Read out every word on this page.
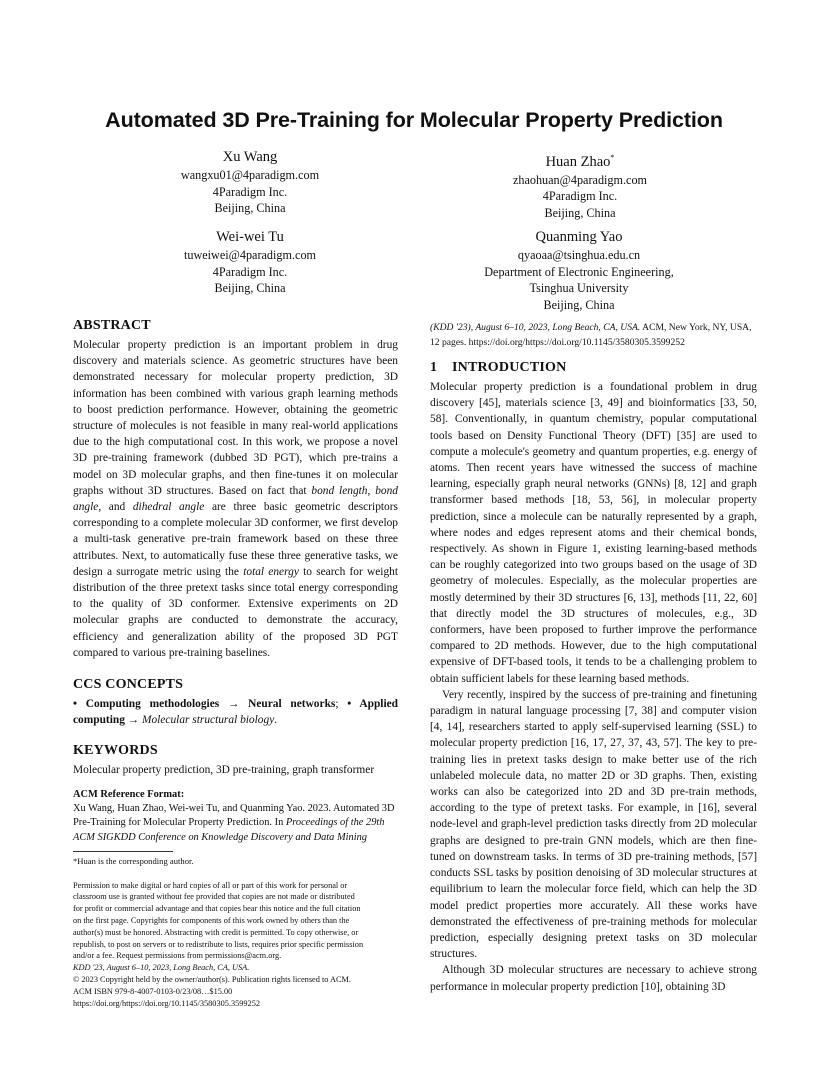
Automated 3D Pre-Training for Molecular Property Prediction
Xu Wang
wangxu01@4paradigm.com
4Paradigm Inc.
Beijing, China
Huan Zhao*
zhaohuan@4paradigm.com
4Paradigm Inc.
Beijing, China
Wei-wei Tu
tuweiwei@4paradigm.com
4Paradigm Inc.
Beijing, China
Quanming Yao
qyaoaa@tsinghua.edu.cn
Department of Electronic Engineering,
Tsinghua University
Beijing, China
ABSTRACT

Molecular property prediction is an important problem in drug discovery and materials science. As geometric structures have been demonstrated necessary for molecular property prediction, 3D information has been combined with various graph learning methods to boost prediction performance. However, obtaining the geometric structure of molecules is not feasible in many real-world applications due to the high computational cost. In this work, we propose a novel 3D pre-training framework (dubbed 3D PGT), which pre-trains a model on 3D molecular graphs, and then fine-tunes it on molecular graphs without 3D structures. Based on fact that bond length, bond angle, and dihedral angle are three basic geometric descriptors corresponding to a complete molecular 3D conformer, we first develop a multi-task generative pre-train framework based on these three attributes. Next, to automatically fuse these three generative tasks, we design a surrogate metric using the total energy to search for weight distribution of the three pretext tasks since total energy corresponding to the quality of 3D conformer. Extensive experiments on 2D molecular graphs are conducted to demonstrate the accuracy, efficiency and generalization ability of the proposed 3D PGT compared to various pre-training baselines.

CCS CONCEPTS

• Computing methodologies → Neural networks; • Applied computing → Molecular structural biology.

KEYWORDS

Molecular property prediction, 3D pre-training, graph transformer

ACM Reference Format:
Xu Wang, Huan Zhao, Wei-wei Tu, and Quanming Yao. 2023. Automated 3D Pre-Training for Molecular Property Prediction. In Proceedings of the 29th ACM SIGKDD Conference on Knowledge Discovery and Data Mining
*Huan is the corresponding author.
Permission to make digital or hard copies of all or part of this work for personal or
classroom use is granted without fee provided that copies are not made or distributed
for profit or commercial advantage and that copies bear this notice and the full citation
on the first page. Copyrights for components of this work owned by others than the
author(s) must be honored. Abstracting with credit is permitted. To copy otherwise, or
republish, to post on servers or to redistribute to lists, requires prior specific permission
and/or a fee. Request permissions from permissions@acm.org.
KDD '23, August 6–10, 2023, Long Beach, CA, USA.
© 2023 Copyright held by the owner/author(s). Publication rights licensed to ACM.
ACM ISBN 979-8-4007-0103-0/23/08…$15.00
https://doi.org/https://doi.org/10.1145/3580305.3599252

(KDD '23), August 6–10, 2023, Long Beach, CA, USA. ACM, New York, NY, USA, 12 pages. https://doi.org/https://doi.org/10.1145/3580305.3599252

1 INTRODUCTION

Molecular property prediction is a foundational problem in drug discovery [45], materials science [3, 49] and bioinformatics [33, 50, 58]. Conventionally, in quantum chemistry, popular computational tools based on Density Functional Theory (DFT) [35] are used to compute a molecule's geometry and quantum properties, e.g. energy of atoms. Then recent years have witnessed the success of machine learning, especially graph neural networks (GNNs) [8, 12] and graph transformer based methods [18, 53, 56], in molecular property prediction, since a molecule can be naturally represented by a graph, where nodes and edges represent atoms and their chemical bonds, respectively. As shown in Figure 1, existing learning-based methods can be roughly categorized into two groups based on the usage of 3D geometry of molecules. Especially, as the molecular properties are mostly determined by their 3D structures [6, 13], methods [11, 22, 60] that directly model the 3D structures of molecules, e.g., 3D conformers, have been proposed to further improve the performance compared to 2D methods. However, due to the high computational expensive of DFT-based tools, it tends to be a challenging problem to obtain sufficient labels for these learning based methods.

Very recently, inspired by the success of pre-training and finetuning paradigm in natural language processing [7, 38] and computer vision [4, 14], researchers started to apply self-supervised learning (SSL) to molecular property prediction [16, 17, 27, 37, 43, 57]. The key to pre-training lies in pretext tasks design to make better use of the rich unlabeled molecule data, no matter 2D or 3D graphs. Then, existing works can also be categorized into 2D and 3D pre-train methods, according to the type of pretext tasks. For example, in [16], several node-level and graph-level prediction tasks directly from 2D molecular graphs are designed to pre-train GNN models, which are then fine-tuned on downstream tasks. In terms of 3D pre-training methods, [57] conducts SSL tasks by position denoising of 3D molecular structures at equilibrium to learn the molecular force field, which can help the 3D model predict properties more accurately. All these works have demonstrated the effectiveness of pre-training methods for molecular prediction, especially designing pretext tasks on 3D molecular structures.

Although 3D molecular structures are necessary to achieve strong performance in molecular property prediction [10], obtaining 3D
